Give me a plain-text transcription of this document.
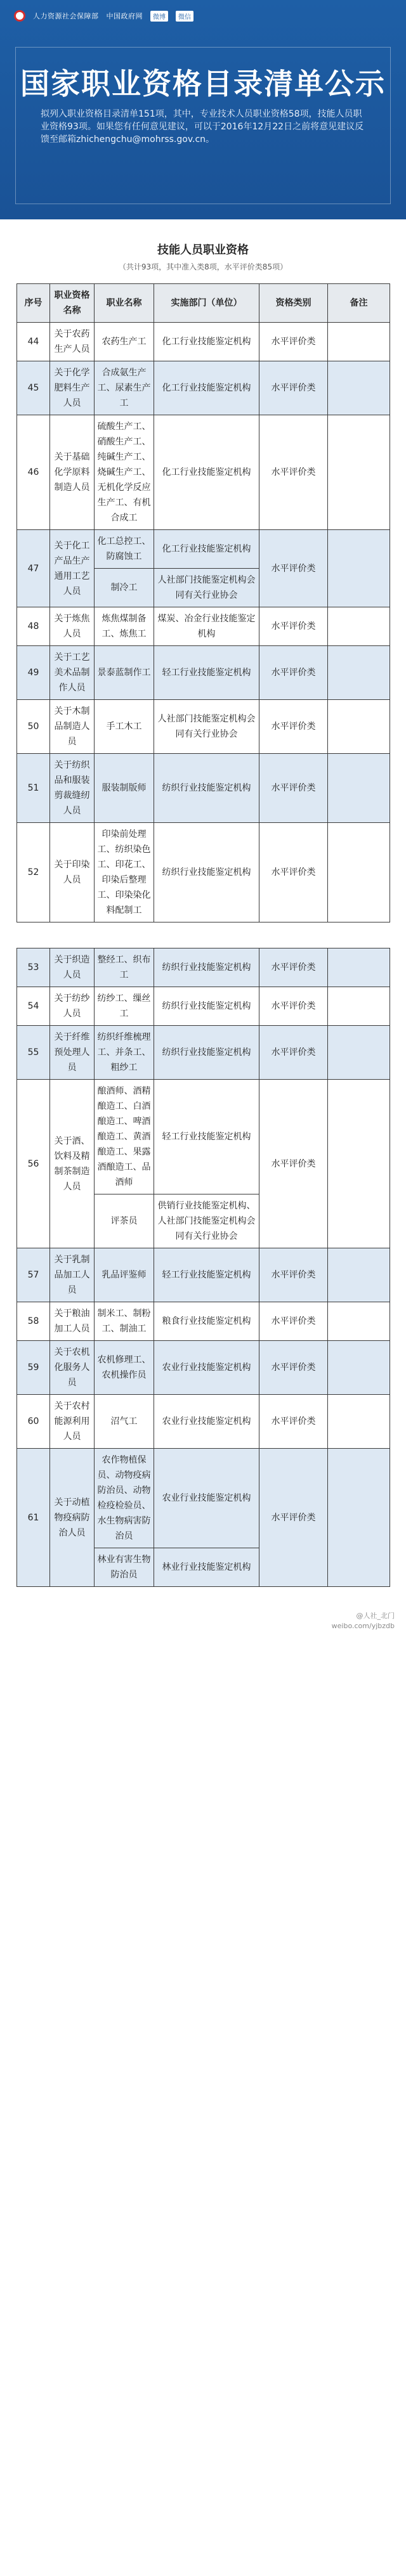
人力资源社会保障部 中国政府网	微博	微信
国家职业资格目录清单公示
拟列入职业资格目录清单151项，其中，专业技术人员职业资格58项，技能人员职业资格93项。如果您有任何意见建议，可以于2016年12月22日之前将意见建议反馈至邮箱zhichengchu@mohrss.gov.cn。
技能人员职业资格
（共计93项，其中准入类8项，水平评价类85项）
序号	职业资格名称	职业名称	实施部门（单位）	资格类别	备注
44	关于农药生产人员	农药生产工	化工行业技能鉴定机构	水平评价类	
45	关于化学肥料生产人员	合成氨生产工、尿素生产工	化工行业技能鉴定机构	水平评价类	
46	关于基础化学原料制造人员	硫酸生产工、硝酸生产工、纯碱生产工、烧碱生产工、无机化学反应生产工、有机合成工	化工行业技能鉴定机构	水平评价类	
47	关于化工产品生产通用工艺人员	化工总控工、防腐蚀工	化工行业技能鉴定机构	水平评价类	
		制冷工	人社部门技能鉴定机构会同有关行业协会		
48	关于炼焦人员	炼焦煤制备工、炼焦工	煤炭、冶金行业技能鉴定机构	水平评价类	
49	关于工艺美术品制作人员	景泰蓝制作工	轻工行业技能鉴定机构	水平评价类	
50	关于木制品制造人员	手工木工	人社部门技能鉴定机构会同有关行业协会	水平评价类	
51	关于纺织品和服装剪裁缝纫人员	服装制版师	纺织行业技能鉴定机构	水平评价类	
52	关于印染人员	印染前处理工、纺织染色工、印花工、印染后整理工、印染染化料配制工	纺织行业技能鉴定机构	水平评价类	
53	关于织造人员	整经工、织布工	纺织行业技能鉴定机构	水平评价类	
54	关于纺纱人员	纺纱工、缫丝工	纺织行业技能鉴定机构	水平评价类	
55	关于纤维预处理人员	纺织纤维梳理工、并条工、粗纱工	纺织行业技能鉴定机构	水平评价类	
56	关于酒、饮料及精制茶制造人员	酿酒师、酒精酿造工、白酒酿造工、啤酒酿造工、黄酒酿造工、果露酒酿造工、品酒师	轻工行业技能鉴定机构	水平评价类	
		评茶员	供销行业技能鉴定机构、人社部门技能鉴定机构会同有关行业协会		
57	关于乳制品加工人员	乳品评鉴师	轻工行业技能鉴定机构	水平评价类	
58	关于粮油加工人员	制米工、制粉工、制油工	粮食行业技能鉴定机构	水平评价类	
59	关于农机化服务人员	农机修理工、农机操作员	农业行业技能鉴定机构	水平评价类	
60	关于农村能源利用人员	沼气工	农业行业技能鉴定机构	水平评价类	
61	关于动植物疫病防治人员	农作物植保员、动物疫病防治员、动物检疫检验员、水生物病害防治员	农业行业技能鉴定机构	水平评价类	
		林业有害生物防治员	林业行业技能鉴定机构		
@人社_北门
weibo.com/yjbzdb
